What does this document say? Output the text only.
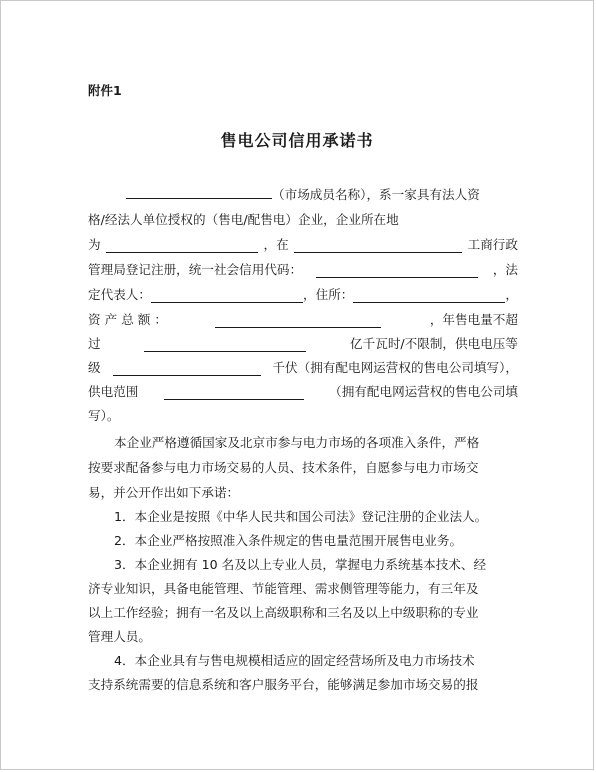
附件1
售电公司信用承诺书
（市场成员名称），系一家具有法人资
格/经法人单位授权的（售电/配售电）企业，企业所在地
为	，在	工商行政
管理局登记注册，统一社会信用代码：	，法
定代表人：	，住所：	，
资 产 总 额 ：	，年售电量不超
过	亿千瓦时/不限制，供电电压等
级	千伏（拥有配电网运营权的售电公司填写），
供电范围	（拥有配电网运营权的售电公司填
写）。
本企业严格遵循国家及北京市参与电力市场的各项准入条件，严格
按要求配备参与电力市场交易的人员、技术条件，自愿参与电力市场交
易，并公开作出如下承诺：
1．本企业是按照《中华人民共和国公司法》登记注册的企业法人。
2．本企业严格按照准入条件规定的售电量范围开展售电业务。
3．本企业拥有 10 名及以上专业人员，掌握电力系统基本技术、经
济专业知识，具备电能管理、节能管理、需求侧管理等能力，有三年及
以上工作经验；拥有一名及以上高级职称和三名及以上中级职称的专业
管理人员。
4．本企业具有与售电规模相适应的固定经营场所及电力市场技术
支持系统需要的信息系统和客户服务平台，能够满足参加市场交易的报
